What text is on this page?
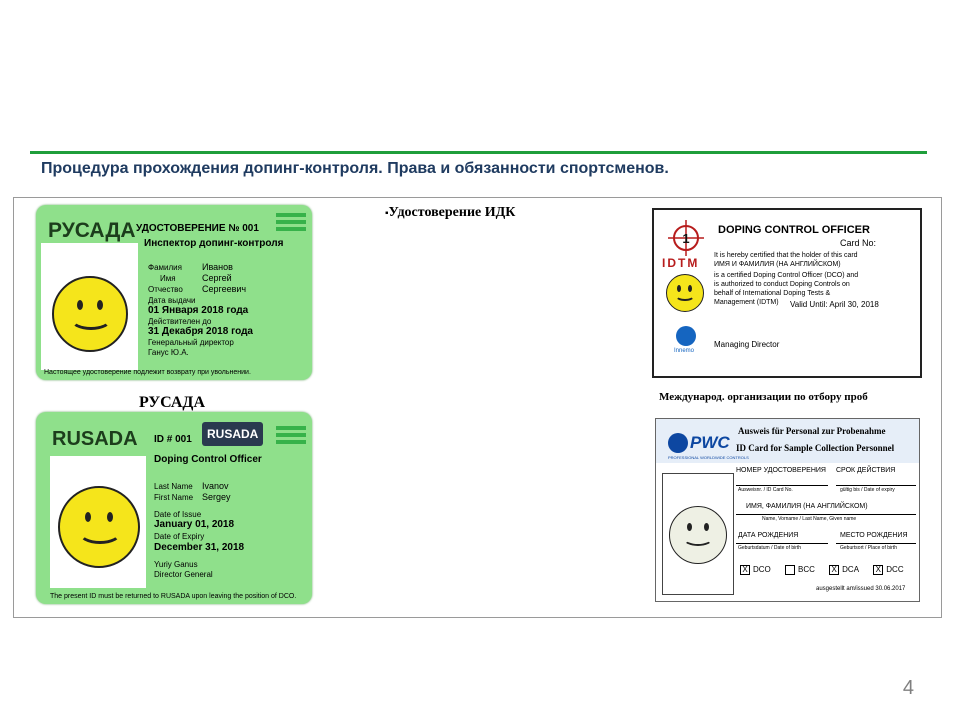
Процедура прохождения допинг-контроля. Права и обязанности спортсменов.
РУСАДА УДОСТОВЕРЕНИЕ № 001
Инспектор допинг-контроля
Фамилия Иванов
Имя	Сергей
Отчество Сергеевич
Дата выдачи
01 Января 2018 года
Действителен до
31 Декабря 2018 года
Генеральный директор
Ганус Ю.А.
Настоящее удостоверение подлежит возврату при увольнении.
РУСАДА
RUSADA ID # 001	RUSADA
Doping Control Officer
Last Name Ivanov
First Name Sergey
Date of Issue
January 01, 2018
Date of Expiry
December 31, 2018
Yuriy Ganus
Director General
The present ID must be returned to RUSADA upon leaving the position of DCO.
▪Удостоверение ИДК
1
IDTM
DOPING CONTROL OFFICER
Card No:
It is hereby certified that the holder of this card
ИМЯ И ФАМИЛИЯ (НА АНГЛИЙСКОМ)
is a certified Doping Control Officer (DCO) and is authorized to conduct Doping Controls on behalf of International Doping Tests & Management (IDTM)	Valid Until: April 30, 2018
Innemo
Managing Director
Международ. организации по отбору проб
PWC
PROFESSIONAL WORLDWIDE CONTROLS
Ausweis für Personal zur Probenahme
ID Card for Sample Collection Personnel
НОМЕР УДОСТОВЕРЕНИЯ СРОК ДЕЙСТВИЯ
Ausweisnr. / ID Card No.	gültig bis / Date of expiry
ИМЯ, ФАМИЛИЯ (НА АНГЛИЙСКОМ)
Name, Vorname / Last Name, Given name
ДАТА РОЖДЕНИЯ	МЕСТО РОЖДЕНИЯ
Geburtsdatum / Date of birth	Geburtsort / Place of birth
X DCO	BCC X DCA X DCC
ausgestellt am/issued 30.06.2017
4
